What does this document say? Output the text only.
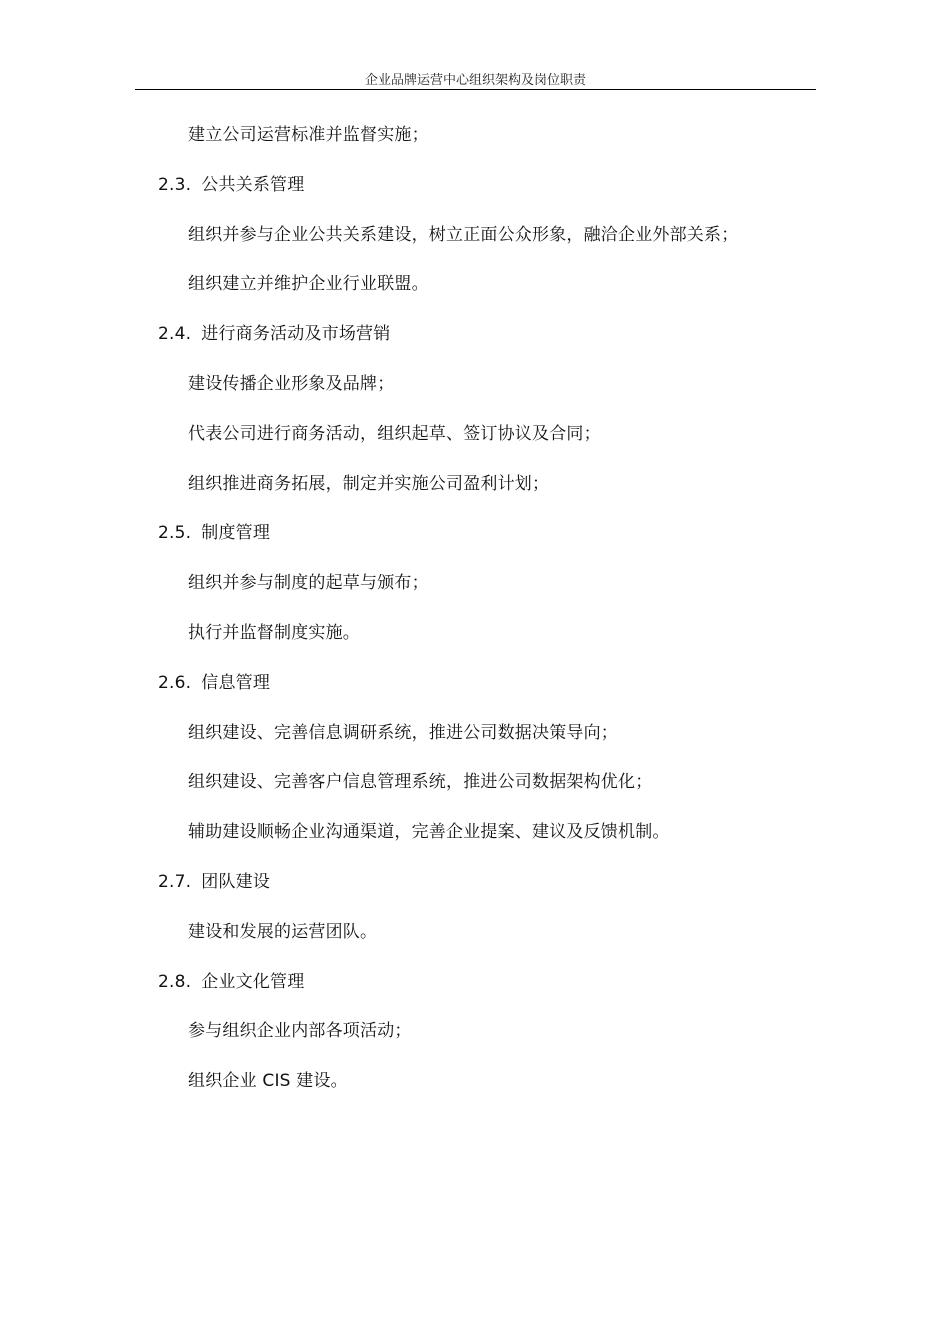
企业品牌运营中心组织架构及岗位职责
建立公司运营标准并监督实施；
2.3. 公共关系管理
组织并参与企业公共关系建设，树立正面公众形象，融洽企业外部关系；
组织建立并维护企业行业联盟。
2.4. 进行商务活动及市场营销
建设传播企业形象及品牌；
代表公司进行商务活动，组织起草、签订协议及合同；
组织推进商务拓展，制定并实施公司盈利计划；
2.5. 制度管理
组织并参与制度的起草与颁布；
执行并监督制度实施。
2.6. 信息管理
组织建设、完善信息调研系统，推进公司数据决策导向；
组织建设、完善客户信息管理系统，推进公司数据架构优化；
辅助建设顺畅企业沟通渠道，完善企业提案、建议及反馈机制。
2.7. 团队建设
建设和发展的运营团队。
2.8. 企业文化管理
参与组织企业内部各项活动；
组织企业 CIS 建设。
